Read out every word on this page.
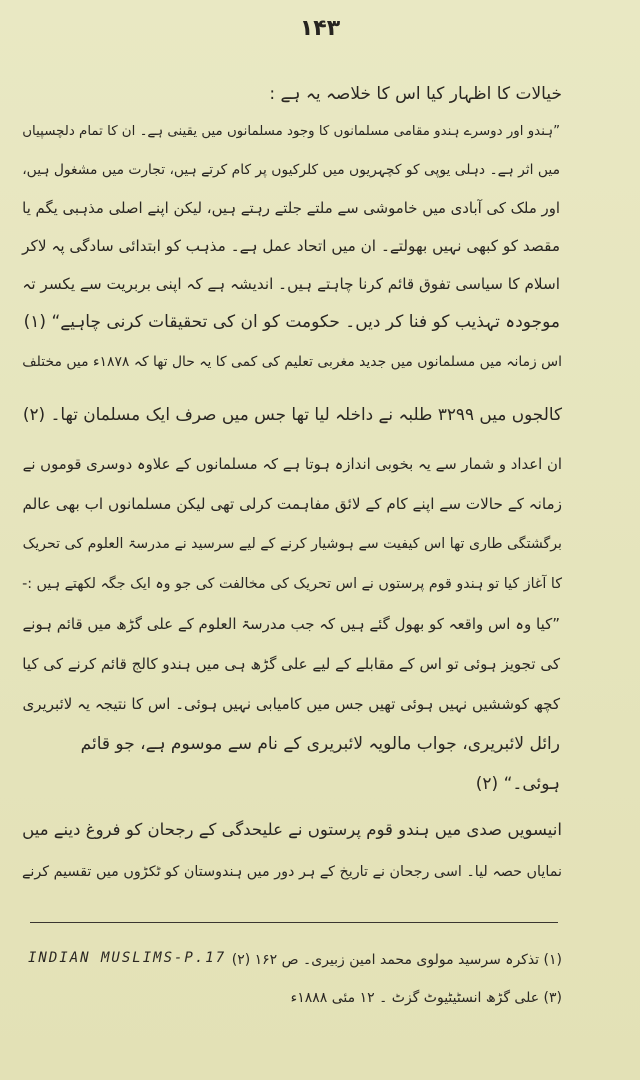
۱۴۳
خیالات کا اظہار کیا اس کا خلاصہ یہ ہے :
”ہندو اور دوسرے ہندو مقامی مسلمانوں کا وجود مسلمانوں میں یقینی ہے۔ ان کا تمام دلچسپیاں
میں اثر ہے۔ دہلی یوپی کو کچہریوں میں کلرکیوں پر کام کرتے ہیں، تجارت میں مشغول ہیں،
اور ملک کی آبادی میں خاموشی سے ملتے جلتے رہتے ہیں، لیکن اپنے اصلی مذہبی یگم یا
مقصد کو کبھی نہیں بھولتے۔ ان میں اتحاد عمل ہے۔ مذہب کو ابتدائی سادگی پہ لاکر
اسلام کا سیاسی تفوق قائم کرنا چاہتے ہیں۔ اندیشہ ہے کہ اپنی بربریت سے یکسر تہ
موجودہ تہذیب کو فنا کر دیں۔ حکومت کو ان کی تحقیقات کرنی چاہیے“ (۱)
اس زمانہ میں مسلمانوں میں جدید مغربی تعلیم کی کمی کا یہ حال تھا کہ ۱۸۷۸ء میں مختلف
کالجوں میں ۳۲۹۹ طلبہ نے داخلہ لیا تھا جس میں صرف ایک مسلمان تھا۔ (۲)
ان اعداد و شمار سے یہ بخوبی اندازہ ہوتا ہے کہ مسلمانوں کے علاوہ دوسری قوموں نے
زمانہ کے حالات سے اپنے کام کے لائق مفاہمت کرلی تھی لیکن مسلمانوں اب بھی عالم
برگشتگی طاری تھا اس کیفیت سے ہوشیار کرنے کے لیے سرسید نے مدرسۃ العلوم کی تحریک
کا آغاز کیا تو ہندو قوم پرستوں نے اس تحریک کی مخالفت کی جو وہ ایک جگہ لکھتے ہیں :-
”کیا وہ اس واقعہ کو بھول گئے ہیں کہ جب مدرسۃ العلوم کے علی گڑھ میں قائم ہونے
کی تجویز ہوئی تو اس کے مقابلے کے لیے علی گڑھ ہی میں ہندو کالج قائم کرنے کی کیا
کچھ کوششیں نہیں ہوئی تھیں جس میں کامیابی نہیں ہوئی۔ اس کا نتیجہ یہ لائبریری
رائل لائبریری، جواب مالویہ لائبریری کے نام سے موسوم ہے، جو قائم
ہوئی۔“ (۲)
انیسویں صدی میں ہندو قوم پرستوں نے علیحدگی کے رجحان کو فروغ دینے میں
نمایاں حصہ لیا۔ اسی رجحان نے تاریخ کے ہر دور میں ہندوستان کو ٹکڑوں میں تقسیم کرنے
INDIAN MUSLIMS-P.17 (۱) تذکرہ سرسید مولوی محمد امین زبیری۔ ص ۱۶۲ (۲)
(۳) علی گڑھ انسٹیٹیوٹ گزٹ ۔ ۱۲ مئی ۱۸۸۸ء
